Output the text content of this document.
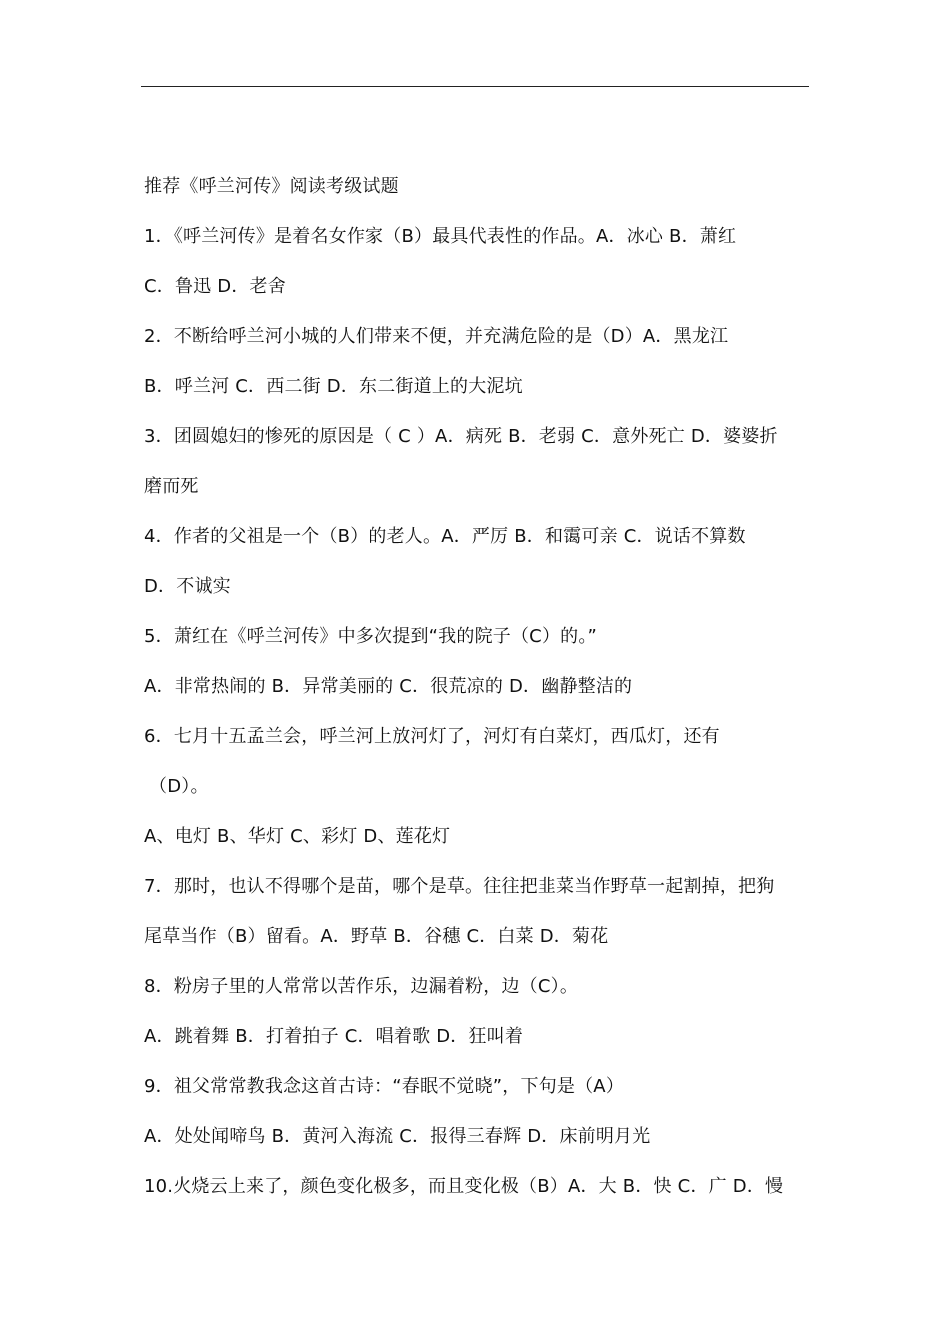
推荐《呼兰河传》阅读考级试题
1．《呼兰河传》是着名女作家（B）最具代表性的作品。A．冰心 B．萧红
C．鲁迅 D．老舍
2．不断给呼兰河小城的人们带来不便，并充满危险的是（D）A．黑龙江
B．呼兰河 C．西二街 D．东二街道上的大泥坑
3．团圆媳妇的惨死的原因是（ C ）A．病死 B．老弱 C．意外死亡 D．婆婆折
磨而死
4．作者的父祖是一个（B）的老人。A．严厉 B．和霭可亲 C．说话不算数
D．不诚实
5．萧红在《呼兰河传》中多次提到“我的院子（C）的。”
A．非常热闹的 B．异常美丽的 C．很荒凉的 D．幽静整洁的
6．七月十五孟兰会，呼兰河上放河灯了，河灯有白菜灯，西瓜灯，还有
（D）。
A、电灯 B、华灯 C、彩灯 D、莲花灯
7．那时，也认不得哪个是苗，哪个是草。往往把韭菜当作野草一起割掉，把狗
尾草当作（B）留看。A．野草 B．谷穗 C．白菜 D．菊花
8．粉房子里的人常常以苦作乐，边漏着粉，边（C）。
A．跳着舞 B．打着拍子 C．唱着歌 D．狂叫着
9．祖父常常教我念这首古诗：“春眠不觉晓”，下句是（A）
A．处处闻啼鸟 B．黄河入海流 C．报得三春辉 D．床前明月光
10.火烧云上来了，颜色变化极多，而且变化极（B）A．大 B．快 C．广 D．慢
